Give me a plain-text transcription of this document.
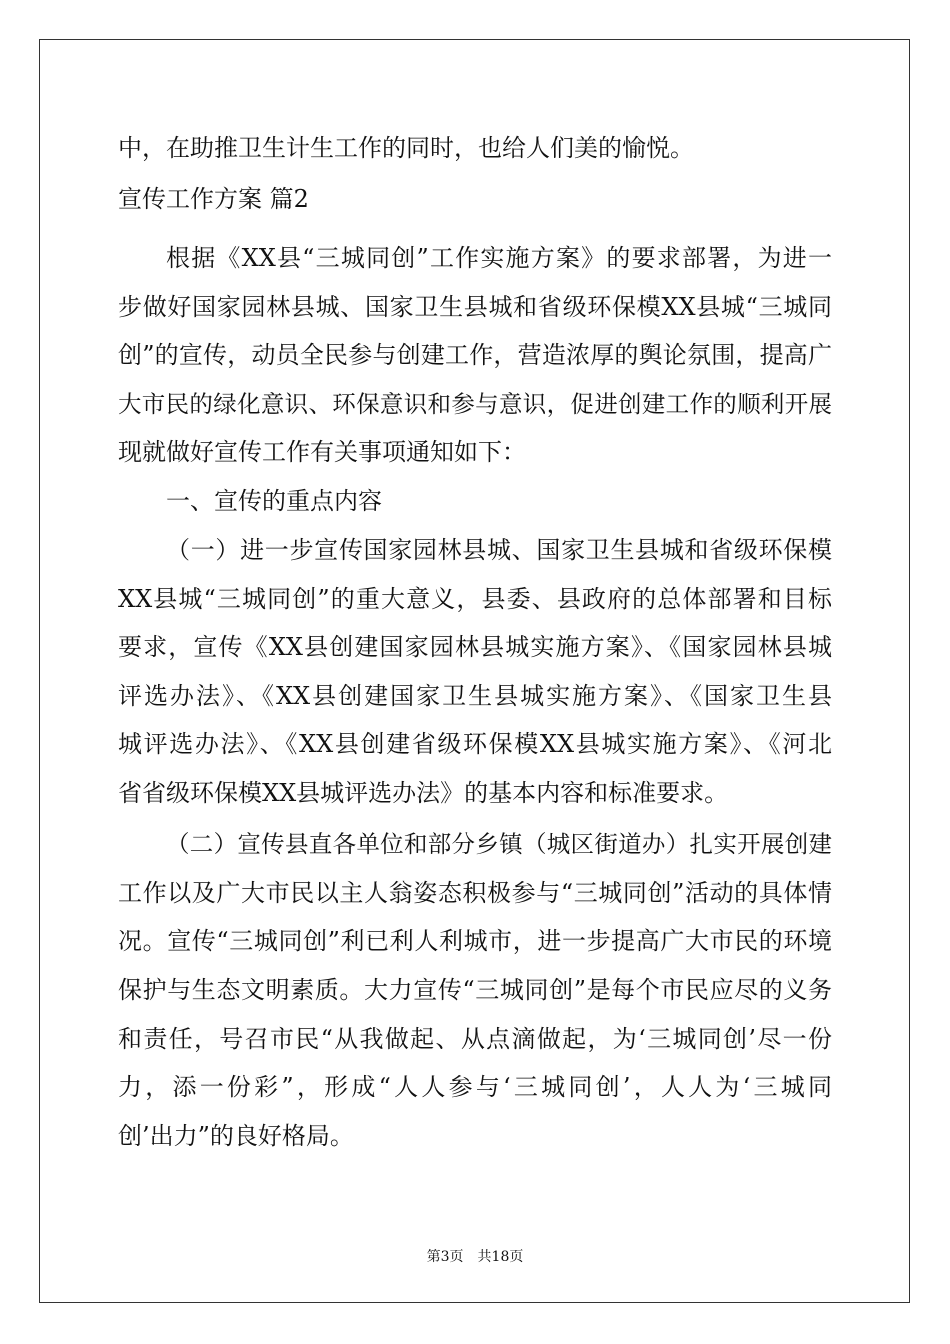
中，在助推卫生计生工作的同时，也给人们美的愉悦。
宣传工作方案 篇2
根据《XX县“三城同创”工作实施方案》的要求部署，为进一
步做好国家园林县城、国家卫生县城和省级环保模XX县城“三城同
创”的宣传，动员全民参与创建工作，营造浓厚的舆论氛围，提高广
大市民的绿化意识、环保意识和参与意识，促进创建工作的顺利开展
现就做好宣传工作有关事项通知如下：
一、宣传的重点内容
（一）进一步宣传国家园林县城、国家卫生县城和省级环保模
XX县城“三城同创”的重大意义，县委、县政府的总体部署和目标
要求，宣传《XX县创建国家园林县城实施方案》、《国家园林县城
评选办法》、《XX县创建国家卫生县城实施方案》、《国家卫生县
城评选办法》、《XX县创建省级环保模XX县城实施方案》、《河北
省省级环保模XX县城评选办法》的基本内容和标准要求。
（二）宣传县直各单位和部分乡镇（城区街道办）扎实开展创建
工作以及广大市民以主人翁姿态积极参与“三城同创”活动的具体情
况。宣传“三城同创”利已利人利城市，进一步提高广大市民的环境
保护与生态文明素质。大力宣传“三城同创”是每个市民应尽的义务
和责任，号召市民“从我做起、从点滴做起，为‘三城同创’尽一份
力，添一份彩”，形成“人人参与‘三城同创’，人人为‘三城同
创’出力”的良好格局。
第3页　共18页
